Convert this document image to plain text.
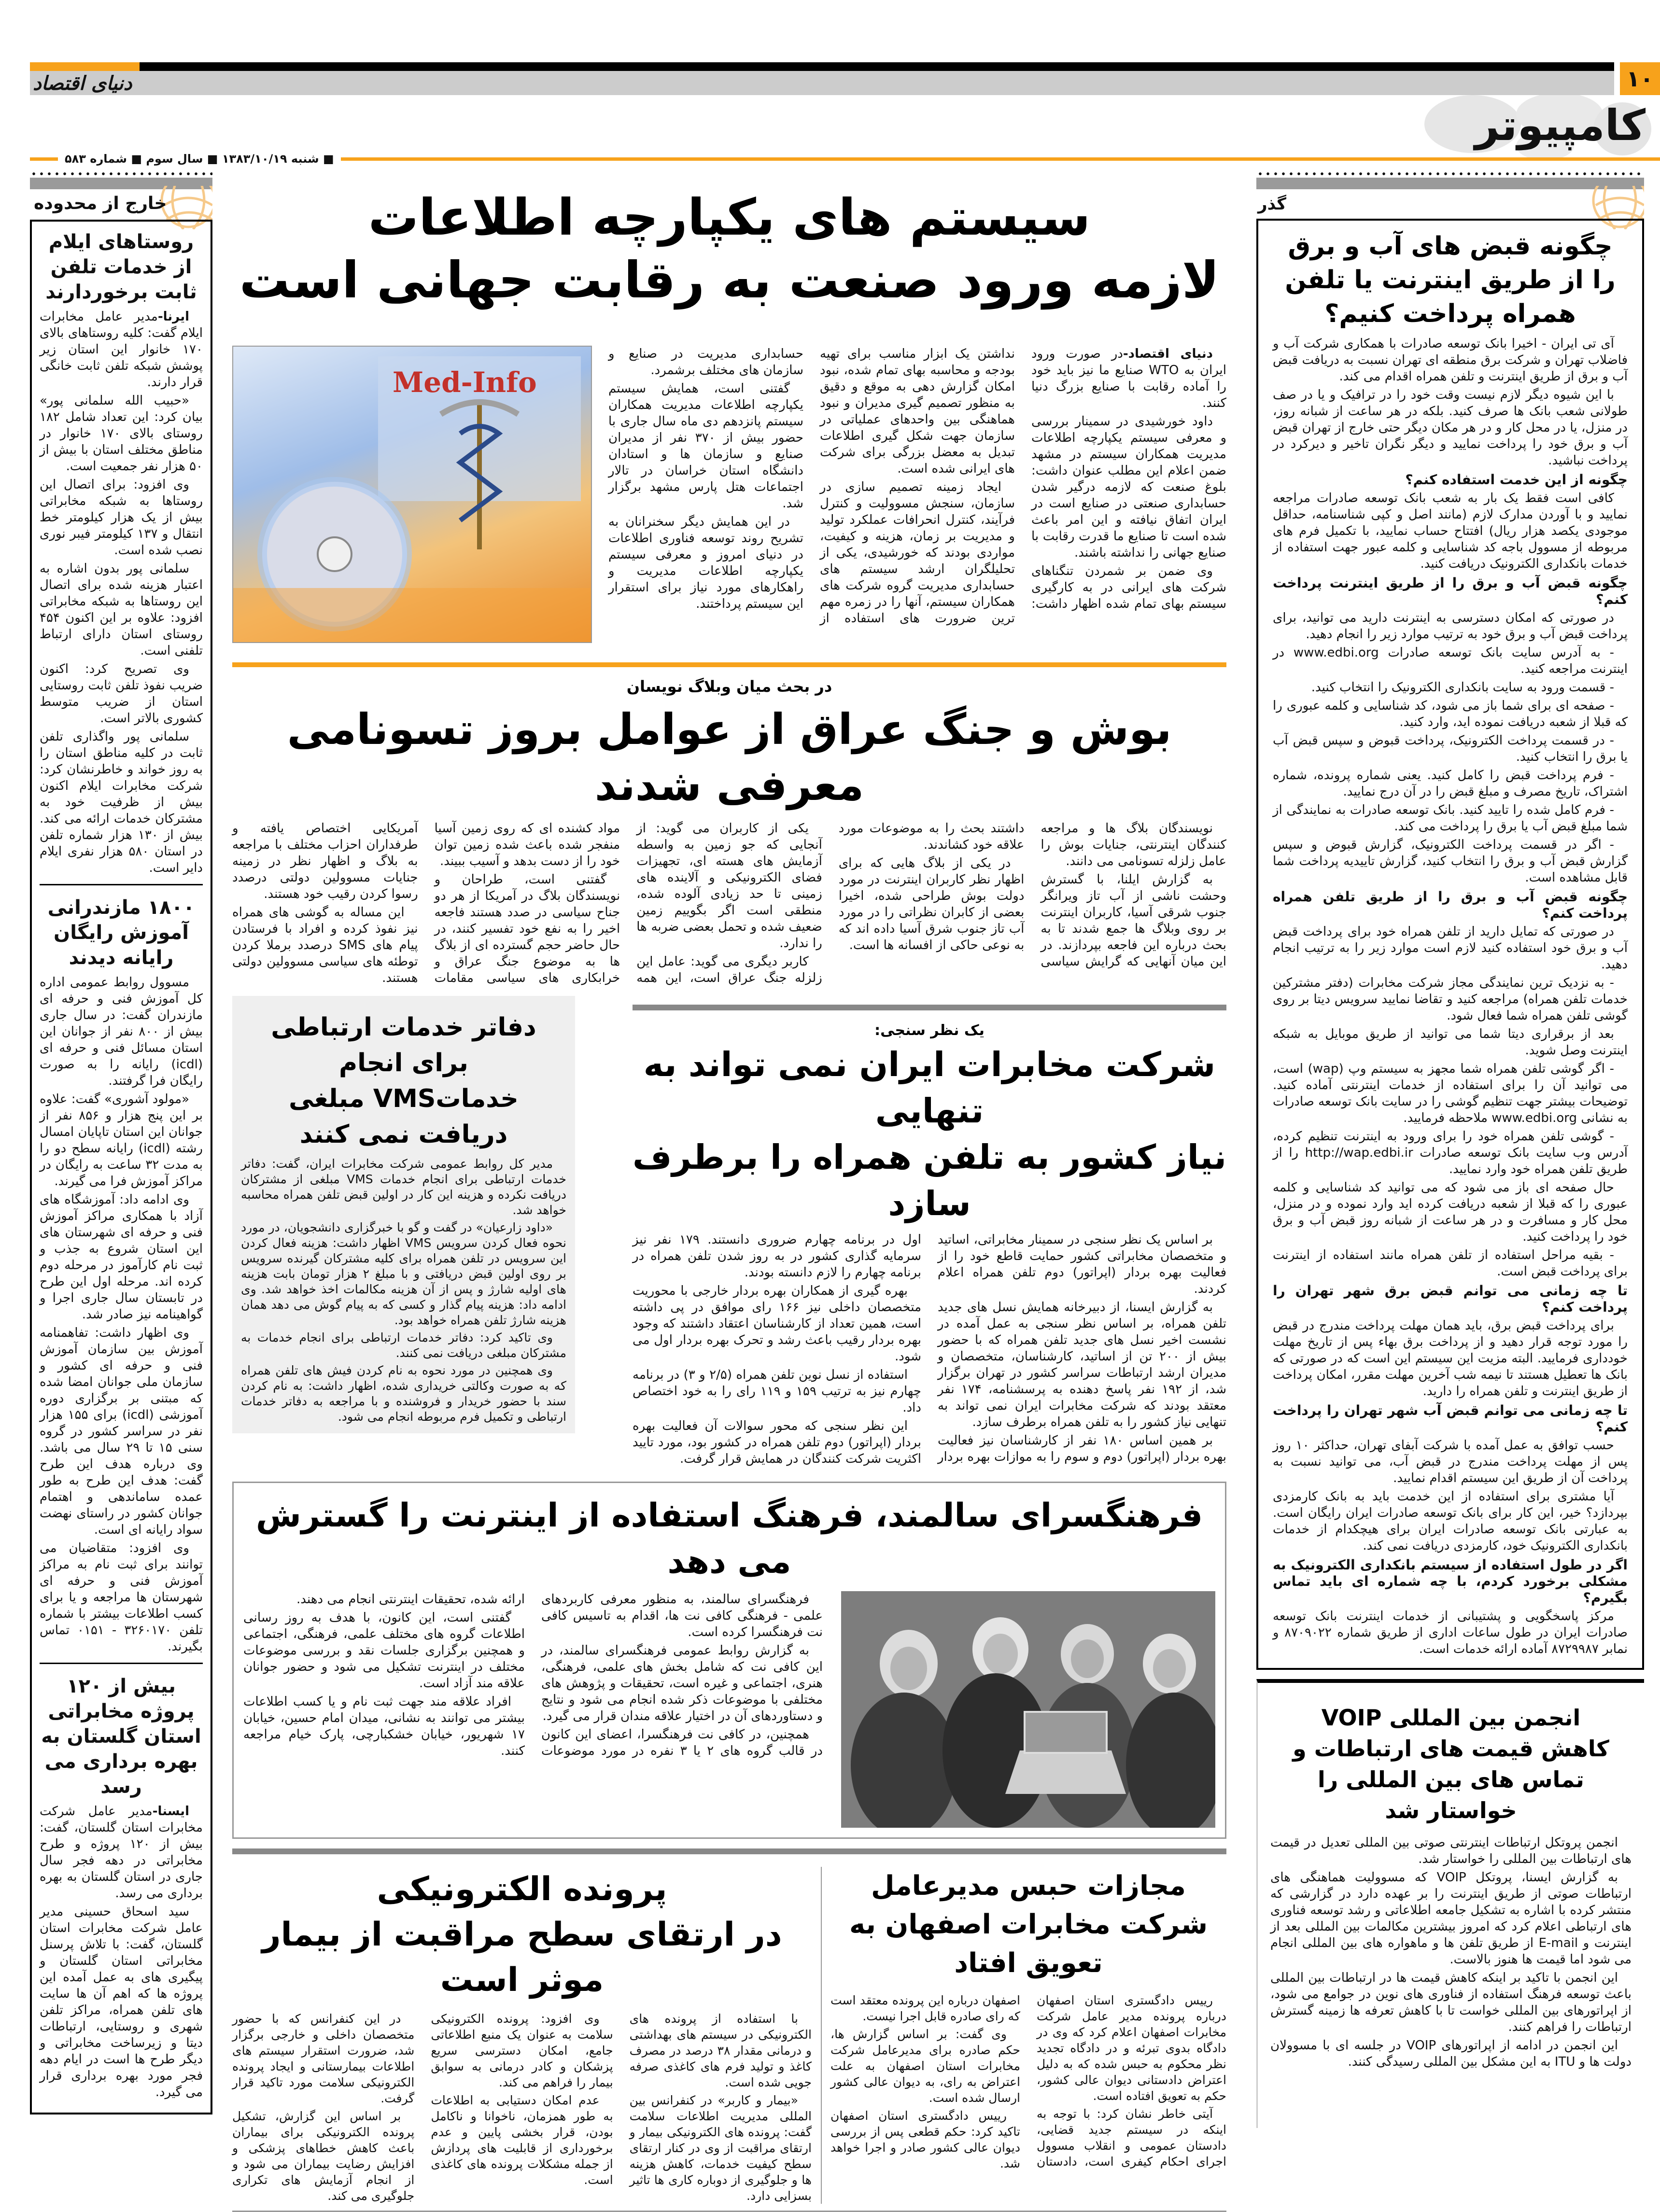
دنیای اقتصاد	۱۰
کامپیوتر
■ شنبه ۱۳۸۳/۱۰/۱۹ ■ سال سوم ■ شماره ۵۸۳
خارج از محدوده
روستاهای ایلام از خدمات تلفن ثابت برخوردارند

ایرنا-مدیر عامل مخابرات ایلام گفت: کلیه روستاهای بالای ۱۷۰ خانوار این استان زیر پوشش شبکه تلفن ثابت خانگی قرار دارند.

«حبیب الله سلمانی پور» بیان کرد: این تعداد شامل ۱۸۲ روستای بالای ۱۷۰ خانوار در مناطق مختلف استان با بیش از ۵۰ هزار نفر جمعیت است.

وی افزود: برای اتصال این روستاها به شبکه مخابراتی بیش از یک هزار کیلومتر خط انتقال و ۱۳۷ کیلومتر فیبر نوری نصب شده است.

سلمانی پور بدون اشاره به اعتبار هزینه شده برای اتصال این روستاها به شبکه مخابراتی افزود: علاوه بر این اکنون ۴۵۴ روستای استان دارای ارتباط تلفنی است.

وی تصریح کرد: اکنون ضریب نفوذ تلفن ثابت روستایی استان از ضریب متوسط کشوری بالاتر است.

سلمانی پور واگذاری تلفن ثابت در کلیه مناطق استان را به روز خواند و خاطرنشان کرد: شرکت مخابرات ایلام اکنون بیش از ظرفیت خود به مشترکان خدمات ارائه می کند. بیش از ۱۳۰ هزار شماره تلفن در استان ۵۸۰ هزار نفری ایلام دایر است.

۱۸۰۰ مازندرانی آموزش رایگان رایانه دیدند

مسوول روابط عمومی اداره کل آموزش فنی و حرفه ای مازندران گفت: در سال جاری بیش از ۸۰۰ نفر از جوانان این استان مسائل فنی و حرفه ای (icdl) رایانه را به صورت رایگان فرا گرفتند.

«مولود آشوری» گفت: علاوه بر این پنج هزار و ۸۵۶ نفر از جوانان این استان تاپایان امسال رشته (icdl) رایانه سطح دو را به مدت ۳۲ ساعت به رایگان در مراکز آموزش فرا می گیرند.

وی ادامه داد: آموزشگاه های آزاد با همکاری مراکز آموزش فنی و حرفه ای شهرستان های این استان شروع به جذب و ثبت نام کارآموز در مرحله دوم کرده اند. مرحله اول این طرح در تابستان سال جاری اجرا و گواهینامه نیز صادر شد.

وی اظهار داشت: تفاهمنامه آموزش بین سازمان آموزش فنی و حرفه ای کشور و سازمان ملی جوانان امضا شده که مبتنی بر برگزاری دوره آموزشی (icdl) برای ۱۵۵ هزار نفر در سراسر کشور در گروه سنی ۱۵ تا ۲۹ سال می باشد. وی درباره هدف این طرح گفت: هدف این طرح به طور عمده ساماندهی و اهتمام جوانان کشور در راستای نهضت سواد رایانه ای است.

وی افزود: متقاضیان می توانند برای ثبت نام به مراکز آموزش فنی و حرفه ای شهرستان ها مراجعه و یا برای کسب اطلاعات بیشتر با شماره تلفن ۳۲۶۰۱۷۰ - ۰۱۵۱ تماس بگیرند.

بیش از ۱۲۰ پروژه مخابراتی استان گلستان به بهره برداری می رسد

ایسنا-مدیر عامل شرکت مخابرات استان گلستان، گفت: بیش از ۱۲۰ پروژه و طرح مخابراتی در دهه فجر سال جاری در استان گلستان به بهره برداری می رسد.

سید اسحاق حسینی مدیر عامل شرکت مخابرات استان گلستان، گفت: با تلاش پرسنل مخابراتی استان گلستان و پیگیری های به عمل آمده این پروژه ها که اهم آن ها سایت های تلفن همراه، مراکز تلفن شهری و روستایی، ارتباطات دیتا و زیرساخت مخابراتی و دیگر طرح ها است در ایام دهه فجر مورد بهره برداری قرار می گیرد.

گذر
چگونه قبض های آب و برق را از طریق اینترنت یا تلفن همراه پرداخت کنیم؟

آی تی ایران - اخیرا بانک توسعه صادرات با همکاری شرکت آب و فاضلاب تهران و شرکت برق منطقه ای تهران نسبت به دریافت قبض آب و برق از طریق اینترنت و تلفن همراه اقدام می کند.

با این شیوه دیگر لازم نیست وقت خود را در ترافیک و یا در صف طولانی شعب بانک ها صرف کنید. بلکه در هر ساعت از شبانه روز، در منزل، یا در محل کار و در هر مکان دیگر حتی خارج از تهران قبض آب و برق خود را پرداخت نمایید و دیگر نگران تاخیر و دیرکرد در پرداخت نباشید.

چگونه از این خدمت استفاده کنم؟

کافی است فقط یک بار به شعب بانک توسعه صادرات مراجعه نمایید و با آوردن مدارک لازم (مانند اصل و کپی شناسنامه، حداقل موجودی یکصد هزار ریال) افتتاح حساب نمایید، با تکمیل فرم های مربوطه از مسوول باجه کد شناسایی و کلمه عبور جهت استفاده از خدمات بانکداری الکترونیک دریافت کنید.

چگونه قبض آب و برق را از طریق اینترنت پرداخت کنم؟

در صورتی که امکان دسترسی به اینترنت دارید می توانید، برای پرداخت قبض آب و برق خود به ترتیب موارد زیر را انجام دهید.

- به آدرس سایت بانک توسعه صادرات www.edbi.org در اینترنت مراجعه کنید.

- قسمت ورود به سایت بانکداری الکترونیک را انتخاب کنید.

- صفحه ای برای شما باز می شود، کد شناسایی و کلمه عبوری را که قبلا از شعبه دریافت نموده اید، وارد کنید.

- در قسمت پرداخت الکترونیک، پرداخت قبوض و سپس قبض آب یا برق را انتخاب کنید.

- فرم پرداخت قبض را کامل کنید. یعنی شماره پرونده، شماره اشتراک، تاریخ مصرف و مبلغ قبض را در آن درج نمایید.

- فرم کامل شده را تایید کنید. بانک توسعه صادرات به نمایندگی از شما مبلغ قبض آب یا برق را پرداخت می کند.

- اگر در قسمت پرداخت الکترونیک، گزارش قبوض و سپس گزارش قبض آب و برق را انتخاب کنید، گزارش تاییدیه پرداخت شما قابل مشاهده است.

چگونه قبض آب و برق را از طریق تلفن همراه پرداخت کنم؟

در صورتی که تمایل دارید از تلفن همراه خود برای پرداخت قبض آب و برق خود استفاده کنید لازم است موارد زیر را به ترتیب انجام دهید.

- به نزدیک ترین نمایندگی مجاز شرکت مخابرات (دفتر مشترکین خدمات تلفن همراه) مراجعه کنید و تقاضا نمایید سرویس دیتا بر روی گوشی تلفن همراه شما فعال شود.

بعد از برقراری دیتا شما می توانید از طریق موبایل به شبکه اینترنت وصل شوید.

- اگر گوشی تلفن همراه شما مجهز به سیستم وپ (wap) است، می توانید آن را برای استفاده از خدمات اینترنتی آماده کنید. توضیحات بیشتر جهت تنظیم گوشی را در سایت بانک توسعه صادرات به نشانی www.edbi.org ملاحظه فرمایید.

- گوشی تلفن همراه خود را برای ورود به اینترنت تنظیم کرده، آدرس وب سایت بانک توسعه صادرات http://wap.edbi.ir را از طریق تلفن همراه خود وارد نمایید.

حال صفحه ای باز می شود که می توانید کد شناسایی و کلمه عبوری را که قبلا از شعبه دریافت کرده اید وارد نموده و در منزل، محل کار و مسافرت و در هر ساعت از شبانه روز قبض آب و برق خود را پرداخت کنید.

- بقیه مراحل استفاده از تلفن همراه مانند استفاده از اینترنت برای پرداخت قبض است.

تا چه زمانی می توانم قبض برق شهر تهران را پرداخت کنم؟

برای پرداخت قبض برق، باید همان مهلت پرداخت مندرج در قبض را مورد توجه قرار دهید و از پرداخت برق بهاء پس از تاریخ مهلت خودداری فرمایید. البته مزیت این سیستم این است که در صورتی که بانک ها تعطیل هستند تا نیمه شب آخرین مهلت مقرر، امکان پرداخت از طریق اینترنت و تلفن همراه را دارید.

تا چه زمانی می توانم قبض آب شهر تهران را پرداخت کنم؟

حسب توافق به عمل آمده با شرکت آبفای تهران، حداکثر ۱۰ روز پس از مهلت پرداخت مندرج در قبض آب، می توانید نسبت به پرداخت آن از طریق این سیستم اقدام نمایید.

آیا مشتری برای استفاده از این خدمت باید به بانک کارمزدی بپردازد؟ خیر، این کار برای بانک توسعه صادرات ایران رایگان است. به عبارتی بانک توسعه صادرات ایران برای هیچکدام از خدمات بانکداری الکترونیک خود، کارمزدی دریافت نمی کند.

اگر در طول استفاده از سیستم بانکداری الکترونیک به مشکلی برخورد کردم، با چه شماره ای باید تماس بگیرم؟

مرکز پاسخگویی و پشتیبانی از خدمات اینترنت بانک توسعه صادرات ایران در طول ساعات اداری از طریق شماره ۸۷۰۹۰۲۲ و نمابر ۸۷۲۹۹۸۷ آماده ارائه خدمات است.

انجمن بین المللی VOIP
کاهش قیمت های ارتباطات و تماس های بین المللی را خواستار شد

انجمن پروتکل ارتباطات اینترنتی صوتی بین المللی تعدیل در قیمت های ارتباطات بین المللی را خواستار شد.

به گزارش ایسنا، پروتکل VOIP که مسوولیت هماهنگی های ارتباطات صوتی از طریق اینترنت را بر عهده دارد در گزارشی که منتشر کرده با اشاره به تشکیل جامعه اطلاعاتی و رشد توسعه فناوری های ارتباطی اعلام کرد که امروز بیشترین مکالمات بین المللی بعد از اینترنت و E-mail از طریق تلفن ها و ماهواره های بین المللی انجام می شود اما قیمت ها هنوز بالاست.

این انجمن با تاکید بر اینکه کاهش قیمت ها در ارتباطات بین المللی باعث توسعه فرهنگ استفاده از فناوری های نوین در جوامع می شود، از اپراتورهای بین المللی خواست تا با کاهش تعرفه ها زمینه گسترش ارتباطات را فراهم کنند.

این انجمن در ادامه از اپراتورهای VOIP در جلسه ای با مسوولان دولت ها و ITU به این مشکل بین المللی رسیدگی کنند.

سیستم های یکپارچه اطلاعات
لازمه ورود صنعت به رقابت جهانی است
Med-Info

دنیای اقتصاد-در صورت ورود ایران به WTO صنایع ما نیز باید خود را آماده رقابت با صنایع بزرگ دنیا کنند.

داود خورشیدی در سمینار بررسی و معرفی سیستم یکپارچه اطلاعات مدیریت همکاران سیستم در مشهد ضمن اعلام این مطلب عنوان داشت: بلوغ صنعت که لازمه درگیر شدن حسابداری صنعتی در صنایع است در ایران اتفاق نیافته و این امر باعث شده است تا صنایع ما قدرت رقابت با صنایع جهانی را نداشته باشند.

وی ضمن بر شمردن تنگناهای شرکت های ایرانی در به کارگیری سیستم بهای تمام شده اظهار داشت: نداشتن یک ابزار مناسب برای تهیه بودجه و محاسبه بهای تمام شده، نبود امکان گزارش دهی به موقع و دقیق به منظور تصمیم گیری مدیران و نبود هماهنگی بین واحدهای عملیاتی در سازمان جهت شکل گیری اطلاعات تبدیل به معضل بزرگی برای شرکت های ایرانی شده است.

ایجاد زمینه تصمیم سازی در سازمان، سنجش مسوولیت و کنترل فرآیند، کنترل انحرافات عملکرد تولید و مدیریت بر زمان، هزینه و کیفیت، مواردی بودند که خورشیدی، یکی از تحلیلگران ارشد سیستم های حسابداری مدیریت گروه شرکت های همکاران سیستم، آنها را در زمره مهم ترین ضرورت های استفاده از حسابداری مدیریت در صنایع و سازمان های مختلف برشمرد.

گفتنی است، همایش سیستم یکپارچه اطلاعات مدیریت همکاران سیستم پانزدهم دی ماه سال جاری با حضور بیش از ۳۷۰ نفر از مدیران صنایع و سازمان ها و استادان دانشگاه استان خراسان در تالار اجتماعات هتل پارس مشهد برگزار شد.

در این همایش دیگر سخنرانان به تشریح روند توسعه فناوری اطلاعات در دنیای امروز و معرفی سیستم یکپارچه اطلاعات مدیریت و راهکارهای مورد نیاز برای استقرار این سیستم پرداختند.

در بحث میان وبلاگ نویسان
بوش و جنگ عراق از عوامل بروز تسونامی معرفی شدند

نویسندگان بلاگ ها و مراجعه کنندگان اینترنتی، جنایات بوش را عامل زلزله تسونامی می دانند.

به گزارش ایلنا، با گسترش وحشت ناشی از آب تاز ویرانگر جنوب شرقی آسیا، کاربران اینترنت بر روی وبلاگ ها جمع شدند تا به بحث درباره این فاجعه بپردازند. در این میان آنهایی که گرایش سیاسی داشتند بحث را به موضوعات مورد علاقه خود کشاندند.

در یکی از بلاگ هایی که برای اظهار نظر کاربران اینترنت در مورد دولت بوش طراحی شده، اخیرا بعضی از کابران نظراتی را در مورد آب تاز جنوب شرق آسیا داده اند که به نوعی حاکی از افسانه ها است.

یکی از کاربران می گوید: از آنجایی که جو زمین به واسطه آزمایش های هسته ای، تجهیزات فضای الکترونیکی و آلاینده های زمینی تا حد زیادی آلوده شده، منطقی است اگر بگوییم زمین ضعیف شده و تحمل بعضی ضربه ها را ندارد.

کاربر دیگری می گوید: عامل این زلزله جنگ عراق است، این همه مواد کشنده ای که روی زمین آسیا منفجر شده باعث شده زمین توان خود را از دست بدهد و آسیب ببیند.

گفتنی است، طراحان و نویسندگان بلاگ در آمریکا از هر دو جناح سیاسی در صدد هستند فاجعه اخیر را به نفع خود تفسیر کنند، در حال حاضر حجم گسترده ای از بلاگ ها به موضوع جنگ عراق و خرابکاری های سیاسی مقامات آمریکایی اختصاص یافته و طرفداران احزاب مختلف با مراجعه به بلاگ و اظهار نظر در زمینه جنایات مسوولین دولتی درصدد رسوا کردن رقیب خود هستند.

این مساله به گوشی های همراه نیز نفوذ کرده و افراد با فرستادن پیام های SMS درصدد برملا کردن توطئه های سیاسی مسوولین دولتی هستند.

دفاتر خدمات ارتباطی برای انجام
خدماتVMS مبلغی دریافت نمی کنند

مدیر کل روابط عمومی شرکت مخابرات ایران، گفت: دفاتر خدمات ارتباطی برای انجام خدمات VMS مبلغی از مشترکان دریافت نکرده و هزینه این کار در اولین قبض تلفن همراه محاسبه خواهد شد.

«داود زارعیان» در گفت و گو با خبرگزاری دانشجویان، در مورد نحوه فعال کردن سرویس VMS اظهار داشت: هزینه فعال کردن این سرویس در تلفن همراه برای کلیه مشترکان گیرنده سرویس بر روی اولین قبض دریافتی و با مبلغ ۲ هزار تومان بابت هزینه های اولیه شارژ و پس از آن هزینه مکالمات اخذ خواهد شد. وی ادامه داد: هزینه پیام گذار و کسی که به پیام گوش می دهد همان هزینه شارژ تلفن همراه خواهد بود.

وی تاکید کرد: دفاتر خدمات ارتباطی برای انجام خدمات به مشترکان مبلغی دریافت نمی کنند.

وی همچنین در مورد نحوه به نام کردن فیش های تلفن همراه که به صورت وکالتی خریداری شده، اظهار داشت: به نام کردن سند با حضور خریدار و فروشنده و با مراجعه به دفاتر خدمات ارتباطی و تکمیل فرم مربوطه انجام می شود.

یک نظر سنجی:
شرکت مخابرات ایران نمی تواند به تنهایی
نیاز کشور به تلفن همراه را برطرف سازد

بر اساس یک نظر سنجی در سمینار مخابراتی، اساتید و متخصصان مخابراتی کشور حمایت قاطع خود را از فعالیت بهره بردار (اپراتور) دوم تلفن همراه اعلام کردند.

به گزارش ایسنا، از دبیرخانه همایش نسل های جدید تلفن همراه، بر اساس نظر سنجی به عمل آمده در نشست اخیر نسل های جدید تلفن همراه که با حضور بیش از ۲۰۰ تن از اساتید، کارشناسان، متخصصان و مدیران ارشد ارتباطات سراسر کشور در تهران برگزار شد، از ۱۹۲ نفر پاسخ دهنده به پرسشنامه، ۱۷۴ نفر معتقد بودند که شرکت مخابرات ایران نمی تواند به تنهایی نیاز کشور را به تلفن همراه برطرف سازد.

بر همین اساس ۱۸۰ نفر از کارشناسان نیز فعالیت بهره بردار (اپراتور) دوم و سوم را به موازات بهره بردار اول در برنامه چهارم ضروری دانستند. ۱۷۹ نفر نیز سرمایه گذاری کشور در به روز شدن تلفن همراه در برنامه چهارم را لازم دانسته بودند.

بهره گیری از همکاران بهره بردار خارجی با محوریت متخصصان داخلی نیز ۱۶۶ رای موافق در پی داشته است، همین تعداد از کارشناسان اعتقاد داشتند که وجود بهره بردار رقیب باعث رشد و تحرک بهره بردار اول می شود.

استفاده از نسل نوین تلفن همراه (۲/۵ و ۳) در برنامه چهارم نیز به ترتیب ۱۵۹ و ۱۱۹ رای را به خود اختصاص داد.

این نظر سنجی که محور سوالات آن فعالیت بهره بردار (اپراتور) دوم تلفن همراه در کشور بود، مورد تایید اکثریت شرکت کنندگان در همایش قرار گرفت.

فرهنگسرای سالمند، فرهنگ استفاده از اینترنت را گسترش می دهد

فرهنگسرای سالمند، به منظور معرفی کاربردهای علمی - فرهنگی کافی نت ها، اقدام به تاسیس کافی نت فرهنگسرا کرده است.

به گزارش روابط عمومی فرهنگسرای سالمند، در این کافی نت که شامل بخش های علمی، فرهنگی، هنری، اجتماعی و غیره است، تحقیقات و پژوهش های مختلفی با موضوعات ذکر شده انجام می شود و نتایج و دستاوردهای آن در اختیار علاقه مندان قرار می گیرد.

همچنین، در کافی نت فرهنگسرا، اعضای این کانون در قالب گروه های ۲ یا ۳ نفره در مورد موضوعات ارائه شده، تحقیقات اینترنتی انجام می دهند.

گفتنی است، این کانون، با هدف به روز رسانی اطلاعات گروه های مختلف علمی، فرهنگی، اجتماعی و همچنین برگزاری جلسات نقد و بررسی موضوعات مختلف در اینترنت تشکیل می شود و حضور جوانان علاقه مند آزاد است.

افراد علاقه مند جهت ثبت نام و یا کسب اطلاعات بیشتر می توانند به نشانی، میدان امام حسین، خیابان ۱۷ شهریور، خیابان خشکبارچی، پارک خیام مراجعه کنند.

پرونده الکترونیکی
در ارتقای سطح مراقبت از بیمار موثر است

با استفاده از پرونده های الکترونیکی در سیستم های بهداشتی و درمانی مقدار ۳۸ درصد در مصرف کاغذ و تولید فرم های کاغذی صرفه جویی شده است.

«بیمار و کاربر» در کنفرانس بین المللی مدیریت اطلاعات سلامت گفت: پرونده های الکترونیکی بیمار و ارتقای مراقبت از وی در کنار ارتقای سطح کیفیت خدمات، کاهش هزینه ها و جلوگیری از دوباره کاری ها تاثیر بسزایی دارد.

وی افزود: پرونده الکترونیکی سلامت به عنوان یک منبع اطلاعاتی جامع، امکان دسترسی سریع پزشکان و کادر درمانی به سوابق بیمار را فراهم می کند.

عدم امکان دستیابی به اطلاعات به طور همزمان، ناخوانا و ناکامل بودن، قرار بخشی پایین و عدم برخورداری از قابلیت های پردازش از جمله مشکلات پرونده های کاغذی است.

در این کنفرانس که با حضور متخصصان داخلی و خارجی برگزار شد، ضرورت استقرار سیستم های اطلاعات بیمارستانی و ایجاد پرونده الکترونیکی سلامت مورد تاکید قرار گرفت.

بر اساس این گزارش، تشکیل پرونده الکترونیکی برای بیماران باعث کاهش خطاهای پزشکی و افزایش رضایت بیماران می شود و از انجام آزمایش های تکراری جلوگیری می کند.

مجازات حبس مدیرعامل
شرکت مخابرات اصفهان به تعویق افتاد

رییس دادگستری استان اصفهان درباره پرونده مدیر عامل شرکت مخابرات اصفهان اعلام کرد که وی در دادگاه بدوی تبرئه و در دادگاه تجدید نظر محکوم به حبس شده که به دلیل اعتراض دادستانی دیوان عالی کشور، حکم به تعویق افتاده است.

آیتی خاطر نشان کرد: با توجه به اینکه در سیستم جدید قضایی، دادستان عمومی و انقلاب مسوول اجرای احکام کیفری است، دادستان اصفهان درباره این پرونده معتقد است که رای صادره قابل اجرا نیست.

وی گفت: بر اساس گزارش ها، حکم صادره برای مدیرعامل شرکت مخابرات استان اصفهان به علت اعتراض به رای، به دیوان عالی کشور ارسال شده است.

رییس دادگستری استان اصفهان تاکید کرد: حکم قطعی پس از بررسی دیوان عالی کشور صادر و اجرا خواهد شد.
